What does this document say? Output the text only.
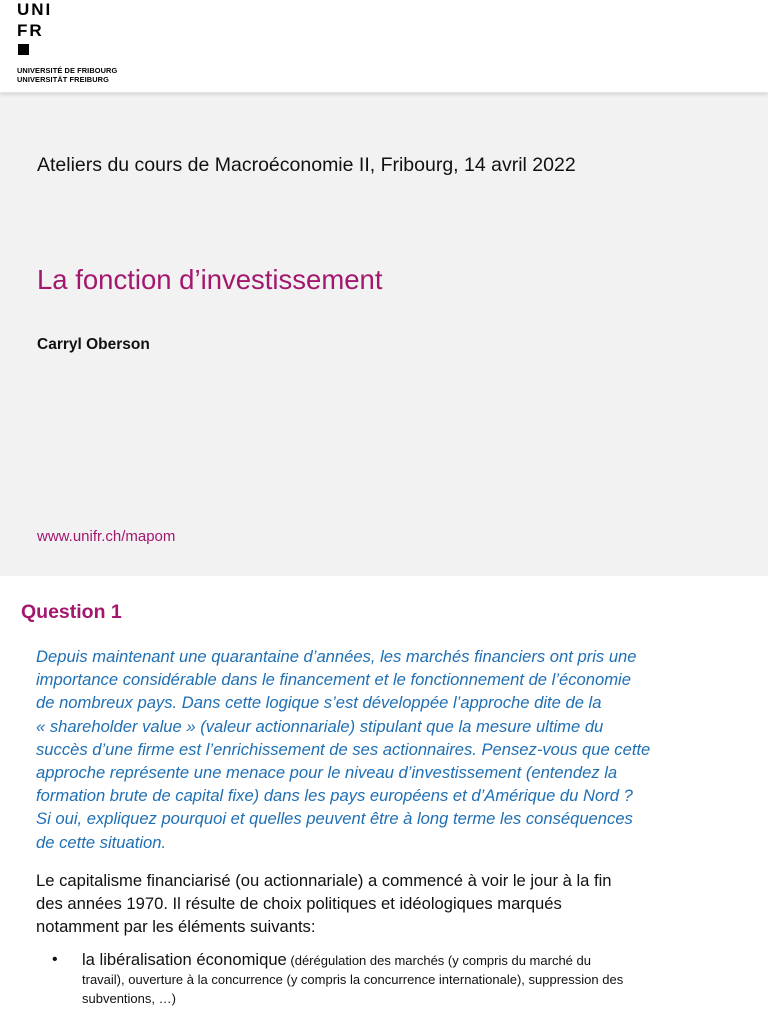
UNI
FR
UNIVERSITÉ DE FRIBOURG
UNIVERSITÄT FREIBURG
Ateliers du cours de Macroéconomie II, Fribourg, 14 avril 2022
La fonction d’investissement
Carryl Oberson
www.unifr.ch/mapom
Question 1

Depuis maintenant une quarantaine d’années, les marchés financiers ont pris une
importance considérable dans le financement et le fonctionnement de l’économie
de nombreux pays. Dans cette logique s’est développée l’approche dite de la
« shareholder value » (valeur actionnariale) stipulant que la mesure ultime du
succès d’une firme est l’enrichissement de ses actionnaires. Pensez-vous que cette
approche représente une menace pour le niveau d’investissement (entendez la
formation brute de capital fixe) dans les pays européens et d’Amérique du Nord ?
Si oui, expliquez pourquoi et quelles peuvent être à long terme les conséquences
de cette situation.

Le capitalisme financiarisé (ou actionnariale) a commencé à voir le jour à la fin
des années 1970. Il résulte de choix politiques et idéologiques marqués
notamment par les éléments suivants:

• la libéralisation économique (dérégulation des marchés (y compris du marché du
travail), ouverture à la concurrence (y compris la concurrence internationale), suppression des
subventions, …)
